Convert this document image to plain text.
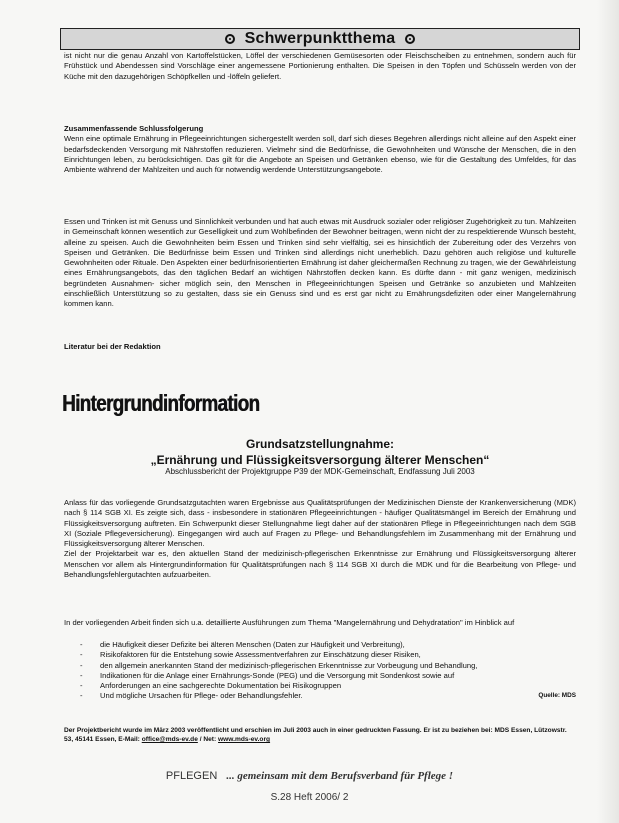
Schwerpunktthema

ist nicht nur die genau Anzahl von Kartoffelstücken, Löffel der verschiedenen Gemüsesorten oder Fleischscheiben zu entnehmen, sondern auch für Frühstück und Abendessen sind Vorschläge einer angemessene Portionierung enthalten. Die Speisen in den Töpfen und Schüsseln werden von der Küche mit den dazugehörigen Schöpfkellen und -löffeln geliefert.

Zusammenfassende Schlussfolgerung

Wenn eine optimale Ernährung in Pflegeeinrichtungen sichergestellt werden soll, darf sich dieses Begehren allerdings nicht alleine auf den Aspekt einer bedarfsdeckenden Versorgung mit Nährstoffen reduzieren. Vielmehr sind die Bedürfnisse, die Gewohnheiten und Wünsche der Menschen, die in den Einrichtungen leben, zu berücksichtigen. Das gilt für die Angebote an Speisen und Getränken ebenso, wie für die Gestaltung des Umfeldes, für das Ambiente während der Mahlzeiten und auch für notwendig werdende Unterstützungsangebote.

Essen und Trinken ist mit Genuss und Sinnlichkeit verbunden und hat auch etwas mit Ausdruck sozialer oder religiöser Zugehörigkeit zu tun. Mahlzeiten in Gemeinschaft können wesentlich zur Geselligkeit und zum Wohlbefinden der Bewohner beitragen, wenn nicht der zu respektierende Wunsch besteht, alleine zu speisen. Auch die Gewohnheiten beim Essen und Trinken sind sehr vielfältig, sei es hinsichtlich der Zubereitung oder des Verzehrs von Speisen und Getränken. Die Bedürfnisse beim Essen und Trinken sind allerdings nicht unerheblich. Dazu gehören auch religiöse und kulturelle Gewohnheiten oder Rituale. Den Aspekten einer bedürfnisorientierten Ernährung ist daher gleichermaßen Rechnung zu tragen, wie der Gewährleistung eines Ernährungsangebots, das den täglichen Bedarf an wichtigen Nährstoffen decken kann. Es dürfte dann - mit ganz wenigen, medizinisch begründeten Ausnahmen- sicher möglich sein, den Menschen in Pflegeeinrichtungen Speisen und Getränke so anzubieten und Mahlzeiten einschließlich Unterstützung so zu gestalten, dass sie ein Genuss sind und es erst gar nicht zu Ernährungsdefiziten oder einer Mangelernährung kommen kann.

Literatur bei der Redaktion
Hintergrundinformation
Grundsatzstellungnahme:
„Ernährung und Flüssigkeitsversorgung älterer Menschen“
Abschlussbericht der Projektgruppe P39 der MDK-Gemeinschaft, Endfassung Juli 2003

Anlass für das vorliegende Grundsatzgutachten waren Ergebnisse aus Qualitätsprüfungen der Medizinischen Dienste der Krankenversicherung (MDK) nach § 114 SGB XI. Es zeigte sich, dass - insbesondere in stationären Pflegeeinrichtungen - häufiger Qualitätsmängel im Bereich der Ernährung und Flüssigkeitsversorgung auftreten. Ein Schwerpunkt dieser Stellungnahme liegt daher auf der stationären Pflege in Pflegeeinrichtungen nach dem SGB XI (Soziale Pflegeversicherung). Eingegangen wird auch auf Fragen zu Pflege- und Behandlungsfehlern im Zusammenhang mit der Ernährung und Flüssigkeitsversorgung älterer Menschen.

Ziel der Projektarbeit war es, den aktuellen Stand der medizinisch-pflegerischen Erkenntnisse zur Ernährung und Flüssigkeitsversorgung älterer Menschen vor allem als Hintergrundinformation für Qualitätsprüfungen nach § 114 SGB XI durch die MDK und für die Bearbeitung von Pflege- und Behandlungsfehlergutachten aufzuarbeiten.

In der vorliegenden Arbeit finden sich u.a. detaillierte Ausführungen zum Thema "Mangelernährung und Dehydratation" im Hinblick auf

- die Häufigkeit dieser Defizite bei älteren Menschen (Daten zur Häufigkeit und Verbreitung),
- Risikofaktoren für die Entstehung sowie Assessmentverfahren zur Einschätzung dieser Risiken,
- den allgemein anerkannten Stand der medizinisch-pflegerischen Erkenntnisse zur Vorbeugung und Behandlung,
- Indikationen für die Anlage einer Ernährungs-Sonde (PEG) und die Versorgung mit Sondenkost sowie auf
- Anforderungen an eine sachgerechte Dokumentation bei Risikogruppen
- Und mögliche Ursachen für Pflege- oder Behandlungsfehler.	Quelle: MDS
Der Projektbericht wurde im März 2003 veröffentlicht und erschien im Juli 2003 auch in einer gedruckten Fassung. Er ist zu beziehen bei: MDS Essen, Lützowstr. 53, 45141 Essen, E-Mail: office@mds-ev.de / Net: www.mds-ev.org
PFLEGEN ... gemeinsam mit dem Berufsverband für Pflege !
S.28 Heft 2006/ 2
